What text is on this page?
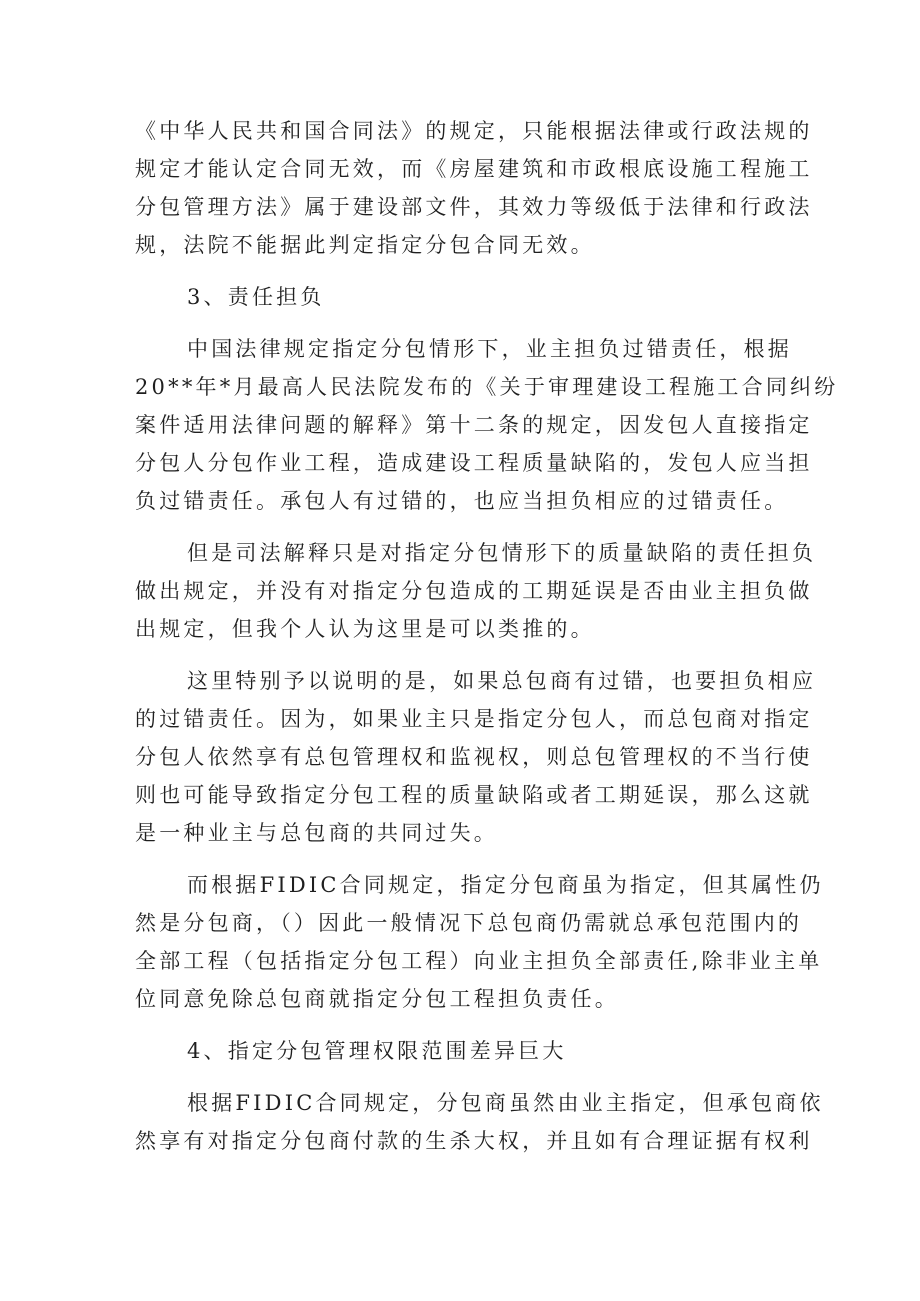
《中华人民共和国合同法》的规定，只能根据法律或行政法规的
规定才能认定合同无效，而《房屋建筑和市政根底设施工程施工
分包管理方法》属于建设部文件，其效力等级低于法律和行政法
规，法院不能据此判定指定分包合同无效。
3、责任担负
中国法律规定指定分包情形下，业主担负过错责任，根据
20**年*月最高人民法院发布的《关于审理建设工程施工合同纠纷
案件适用法律问题的解释》第十二条的规定，因发包人直接指定
分包人分包作业工程，造成建设工程质量缺陷的，发包人应当担
负过错责任。承包人有过错的，也应当担负相应的过错责任。
但是司法解释只是对指定分包情形下的质量缺陷的责任担负
做出规定，并没有对指定分包造成的工期延误是否由业主担负做
出规定，但我个人认为这里是可以类推的。
这里特别予以说明的是，如果总包商有过错，也要担负相应
的过错责任。因为，如果业主只是指定分包人，而总包商对指定
分包人依然享有总包管理权和监视权，则总包管理权的不当行使
则也可能导致指定分包工程的质量缺陷或者工期延误，那么这就
是一种业主与总包商的共同过失。
而根据FIDIC合同规定，指定分包商虽为指定，但其属性仍
然是分包商，（）因此一般情况下总包商仍需就总承包范围内的
全部工程（包括指定分包工程）向业主担负全部责任,除非业主单
位同意免除总包商就指定分包工程担负责任。
4、指定分包管理权限范围差异巨大
根据FIDIC合同规定，分包商虽然由业主指定，但承包商依
然享有对指定分包商付款的生杀大权，并且如有合理证据有权利
